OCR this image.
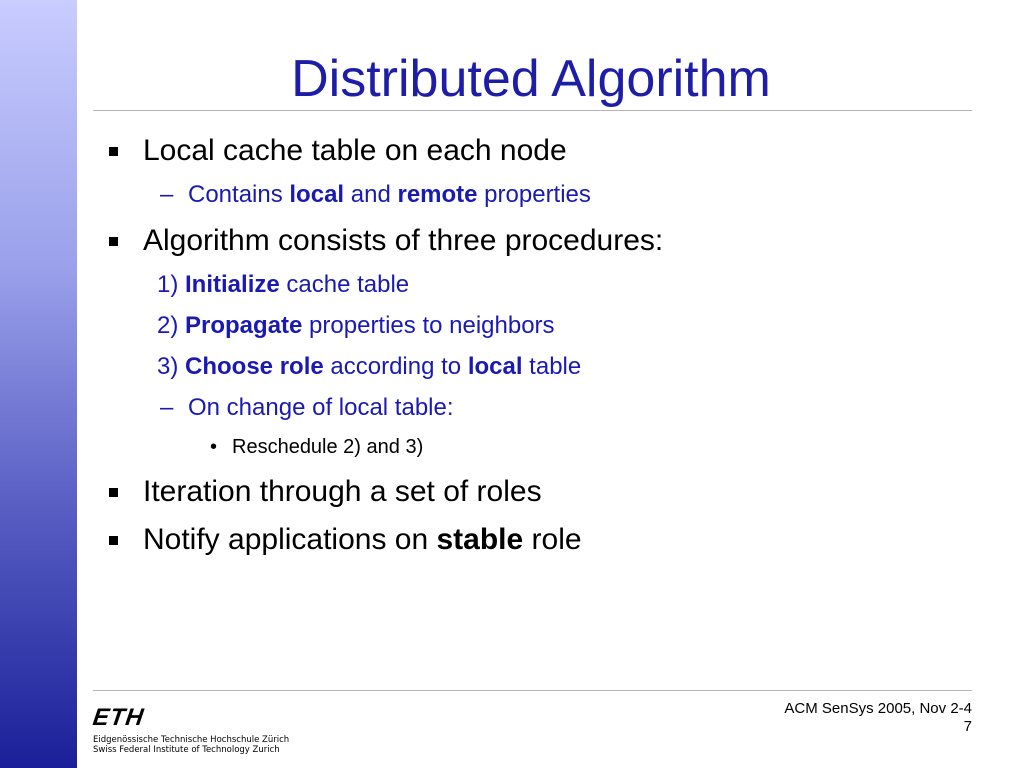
Distributed Algorithm
Local cache table on each node
– Contains local and remote properties
Algorithm consists of three procedures:
1) Initialize cache table
2) Propagate properties to neighbors
3) Choose role according to local table
– On change of local table:
• Reschedule 2) and 3)
Iteration through a set of roles
Notify applications on stable role
ETH
Eidgenössische Technische Hochschule Zürich
Swiss Federal Institute of Technology Zurich
ACM SenSys 2005, Nov 2-4
7
